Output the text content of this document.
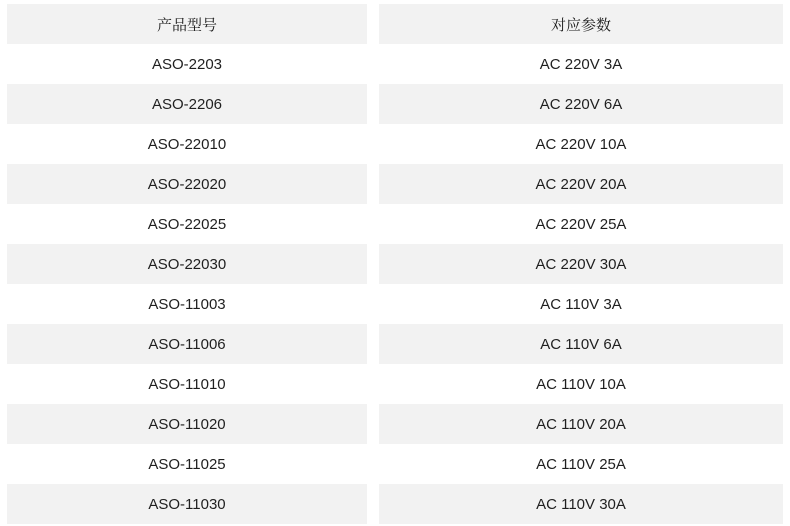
产品型号	对应参数
ASO-2203	AC 220V 3A
ASO-2206	AC 220V 6A
ASO-22010	AC 220V 10A
ASO-22020	AC 220V 20A
ASO-22025	AC 220V 25A
ASO-22030	AC 220V 30A
ASO-11003	AC 110V 3A
ASO-11006	AC 110V 6A
ASO-11010	AC 110V 10A
ASO-11020	AC 110V 20A
ASO-11025	AC 110V 25A
ASO-11030	AC 110V 30A
